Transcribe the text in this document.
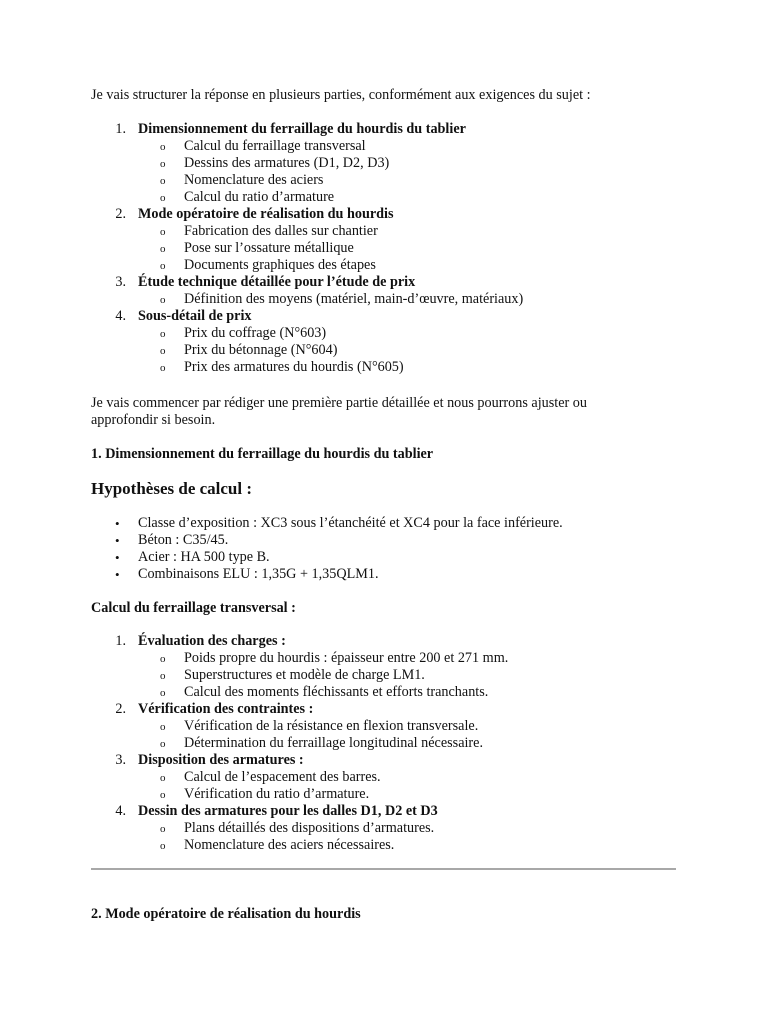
Je vais structurer la réponse en plusieurs parties, conformément aux exigences du sujet :
1. Dimensionnement du ferraillage du hourdis du tablier
o Calcul du ferraillage transversal
o Dessins des armatures (D1, D2, D3)
o Nomenclature des aciers
o Calcul du ratio d’armature
2. Mode opératoire de réalisation du hourdis
o Fabrication des dalles sur chantier
o Pose sur l’ossature métallique
o Documents graphiques des étapes
3. Étude technique détaillée pour l’étude de prix
o Définition des moyens (matériel, main-d’œuvre, matériaux)
4. Sous-détail de prix
o Prix du coffrage (N°603)
o Prix du bétonnage (N°604)
o Prix des armatures du hourdis (N°605)
Je vais commencer par rédiger une première partie détaillée et nous pourrons ajuster ou
approfondir si besoin.
1. Dimensionnement du ferraillage du hourdis du tablier
Hypothèses de calcul :
• Classe d’exposition : XC3 sous l’étanchéité et XC4 pour la face inférieure.
• Béton : C35/45.
• Acier : HA 500 type B.
• Combinaisons ELU : 1,35G + 1,35QLM1.
Calcul du ferraillage transversal :
1. Évaluation des charges :
o Poids propre du hourdis : épaisseur entre 200 et 271 mm.
o Superstructures et modèle de charge LM1.
o Calcul des moments fléchissants et efforts tranchants.
2. Vérification des contraintes :
o Vérification de la résistance en flexion transversale.
o Détermination du ferraillage longitudinal nécessaire.
3. Disposition des armatures :
o Calcul de l’espacement des barres.
o Vérification du ratio d’armature.
4. Dessin des armatures pour les dalles D1, D2 et D3
o Plans détaillés des dispositions d’armatures.
o Nomenclature des aciers nécessaires.
2. Mode opératoire de réalisation du hourdis
